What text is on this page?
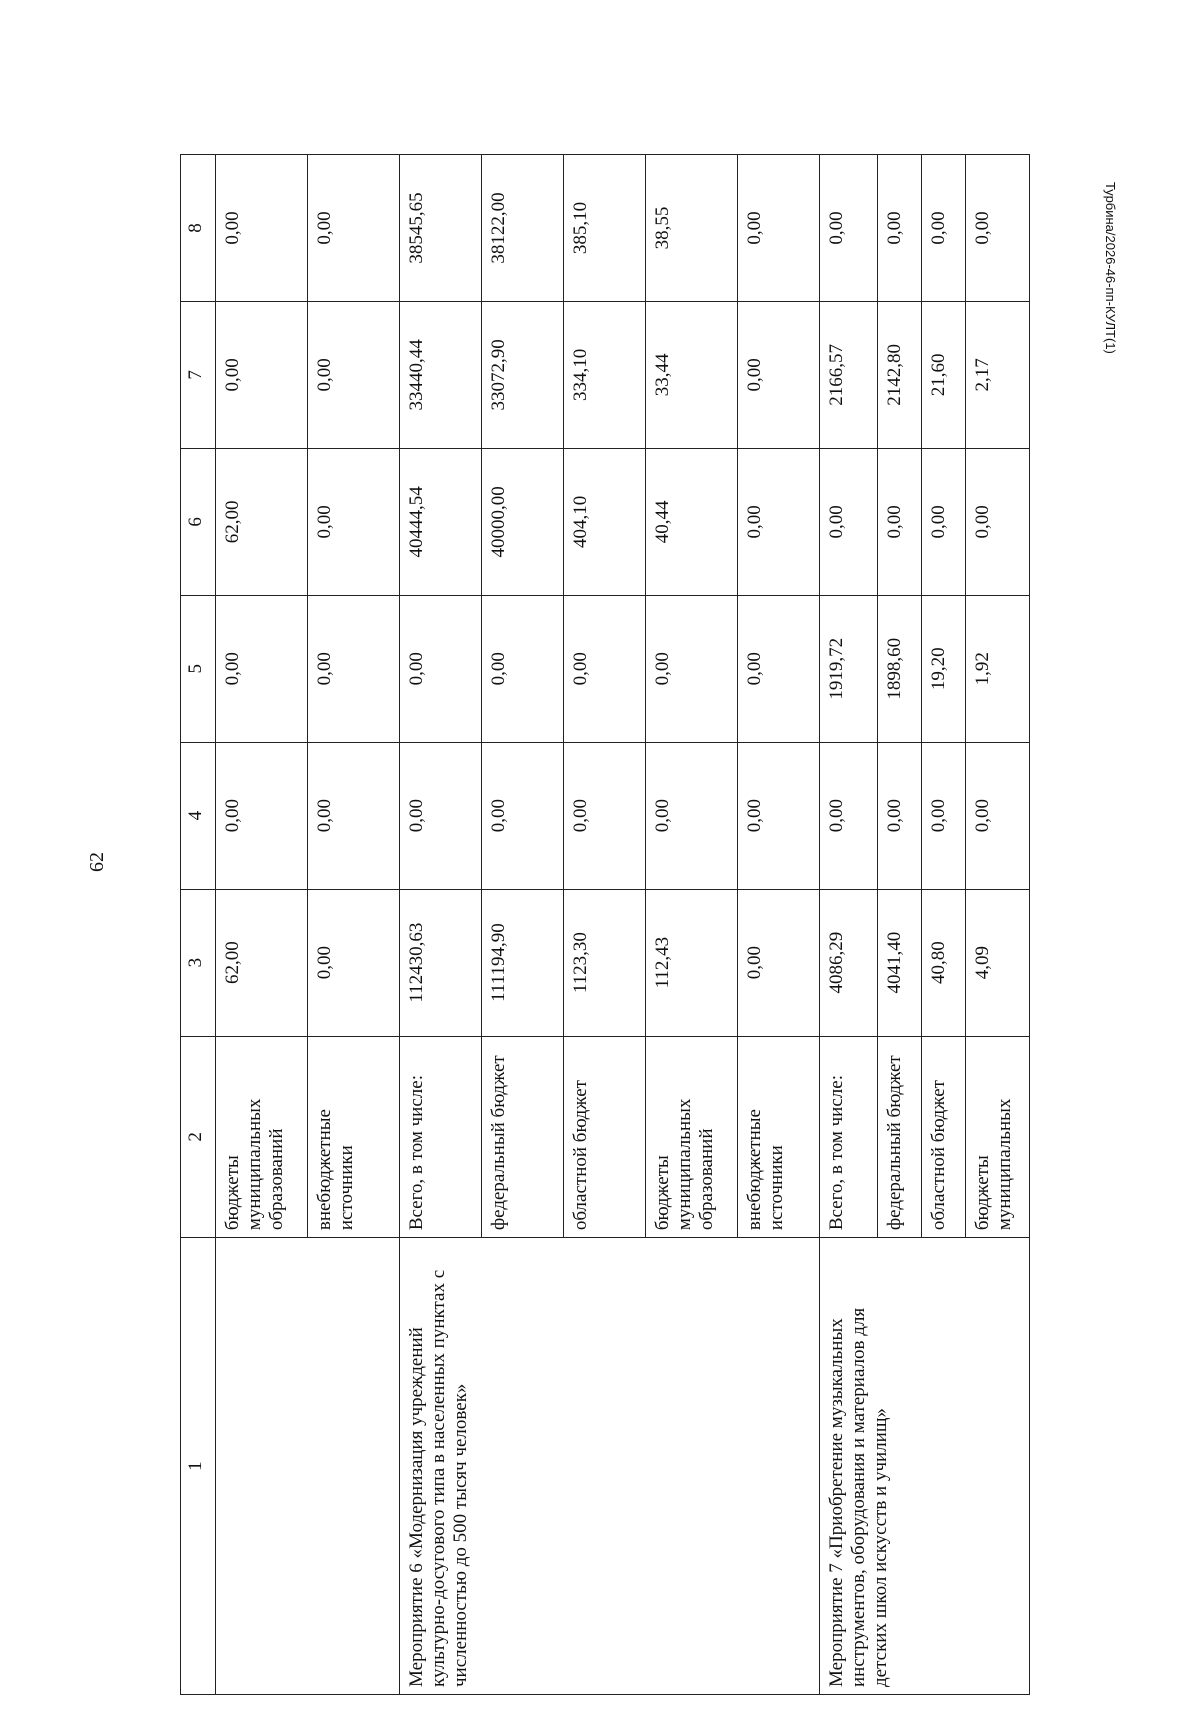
62
Турбина/2026-46-пп-КУЛТ(1)
1	2	3	4	5	6	7	8
	бюджеты муниципальных образований	62,00	0,00	0,00	62,00	0,00	0,00
	внебюджетные источники	0,00	0,00	0,00	0,00	0,00	0,00
Мероприятие 6 «Модернизация учреждений культурно-досугового типа в населенных пунктах с численностью до 500 тысяч человек»	Всего, в том числе:	112430,63	0,00	0,00	40444,54	33440,44	38545,65
	федеральный бюджет	111194,90	0,00	0,00	40000,00	33072,90	38122,00
	областной бюджет	1123,30	0,00	0,00	404,10	334,10	385,10
	бюджеты муниципальных образований	112,43	0,00	0,00	40,44	33,44	38,55
	внебюджетные источники	0,00	0,00	0,00	0,00	0,00	0,00
Мероприятие 7 «Приобретение музыкальных инструментов, оборудования и материалов для детских школ искусств и училищ»	Всего, в том числе:	4086,29	0,00	1919,72	0,00	2166,57	0,00
	федеральный бюджет	4041,40	0,00	1898,60	0,00	2142,80	0,00
	областной бюджет	40,80	0,00	19,20	0,00	21,60	0,00
	бюджеты муниципальных	4,09	0,00	1,92	0,00	2,17	0,00
